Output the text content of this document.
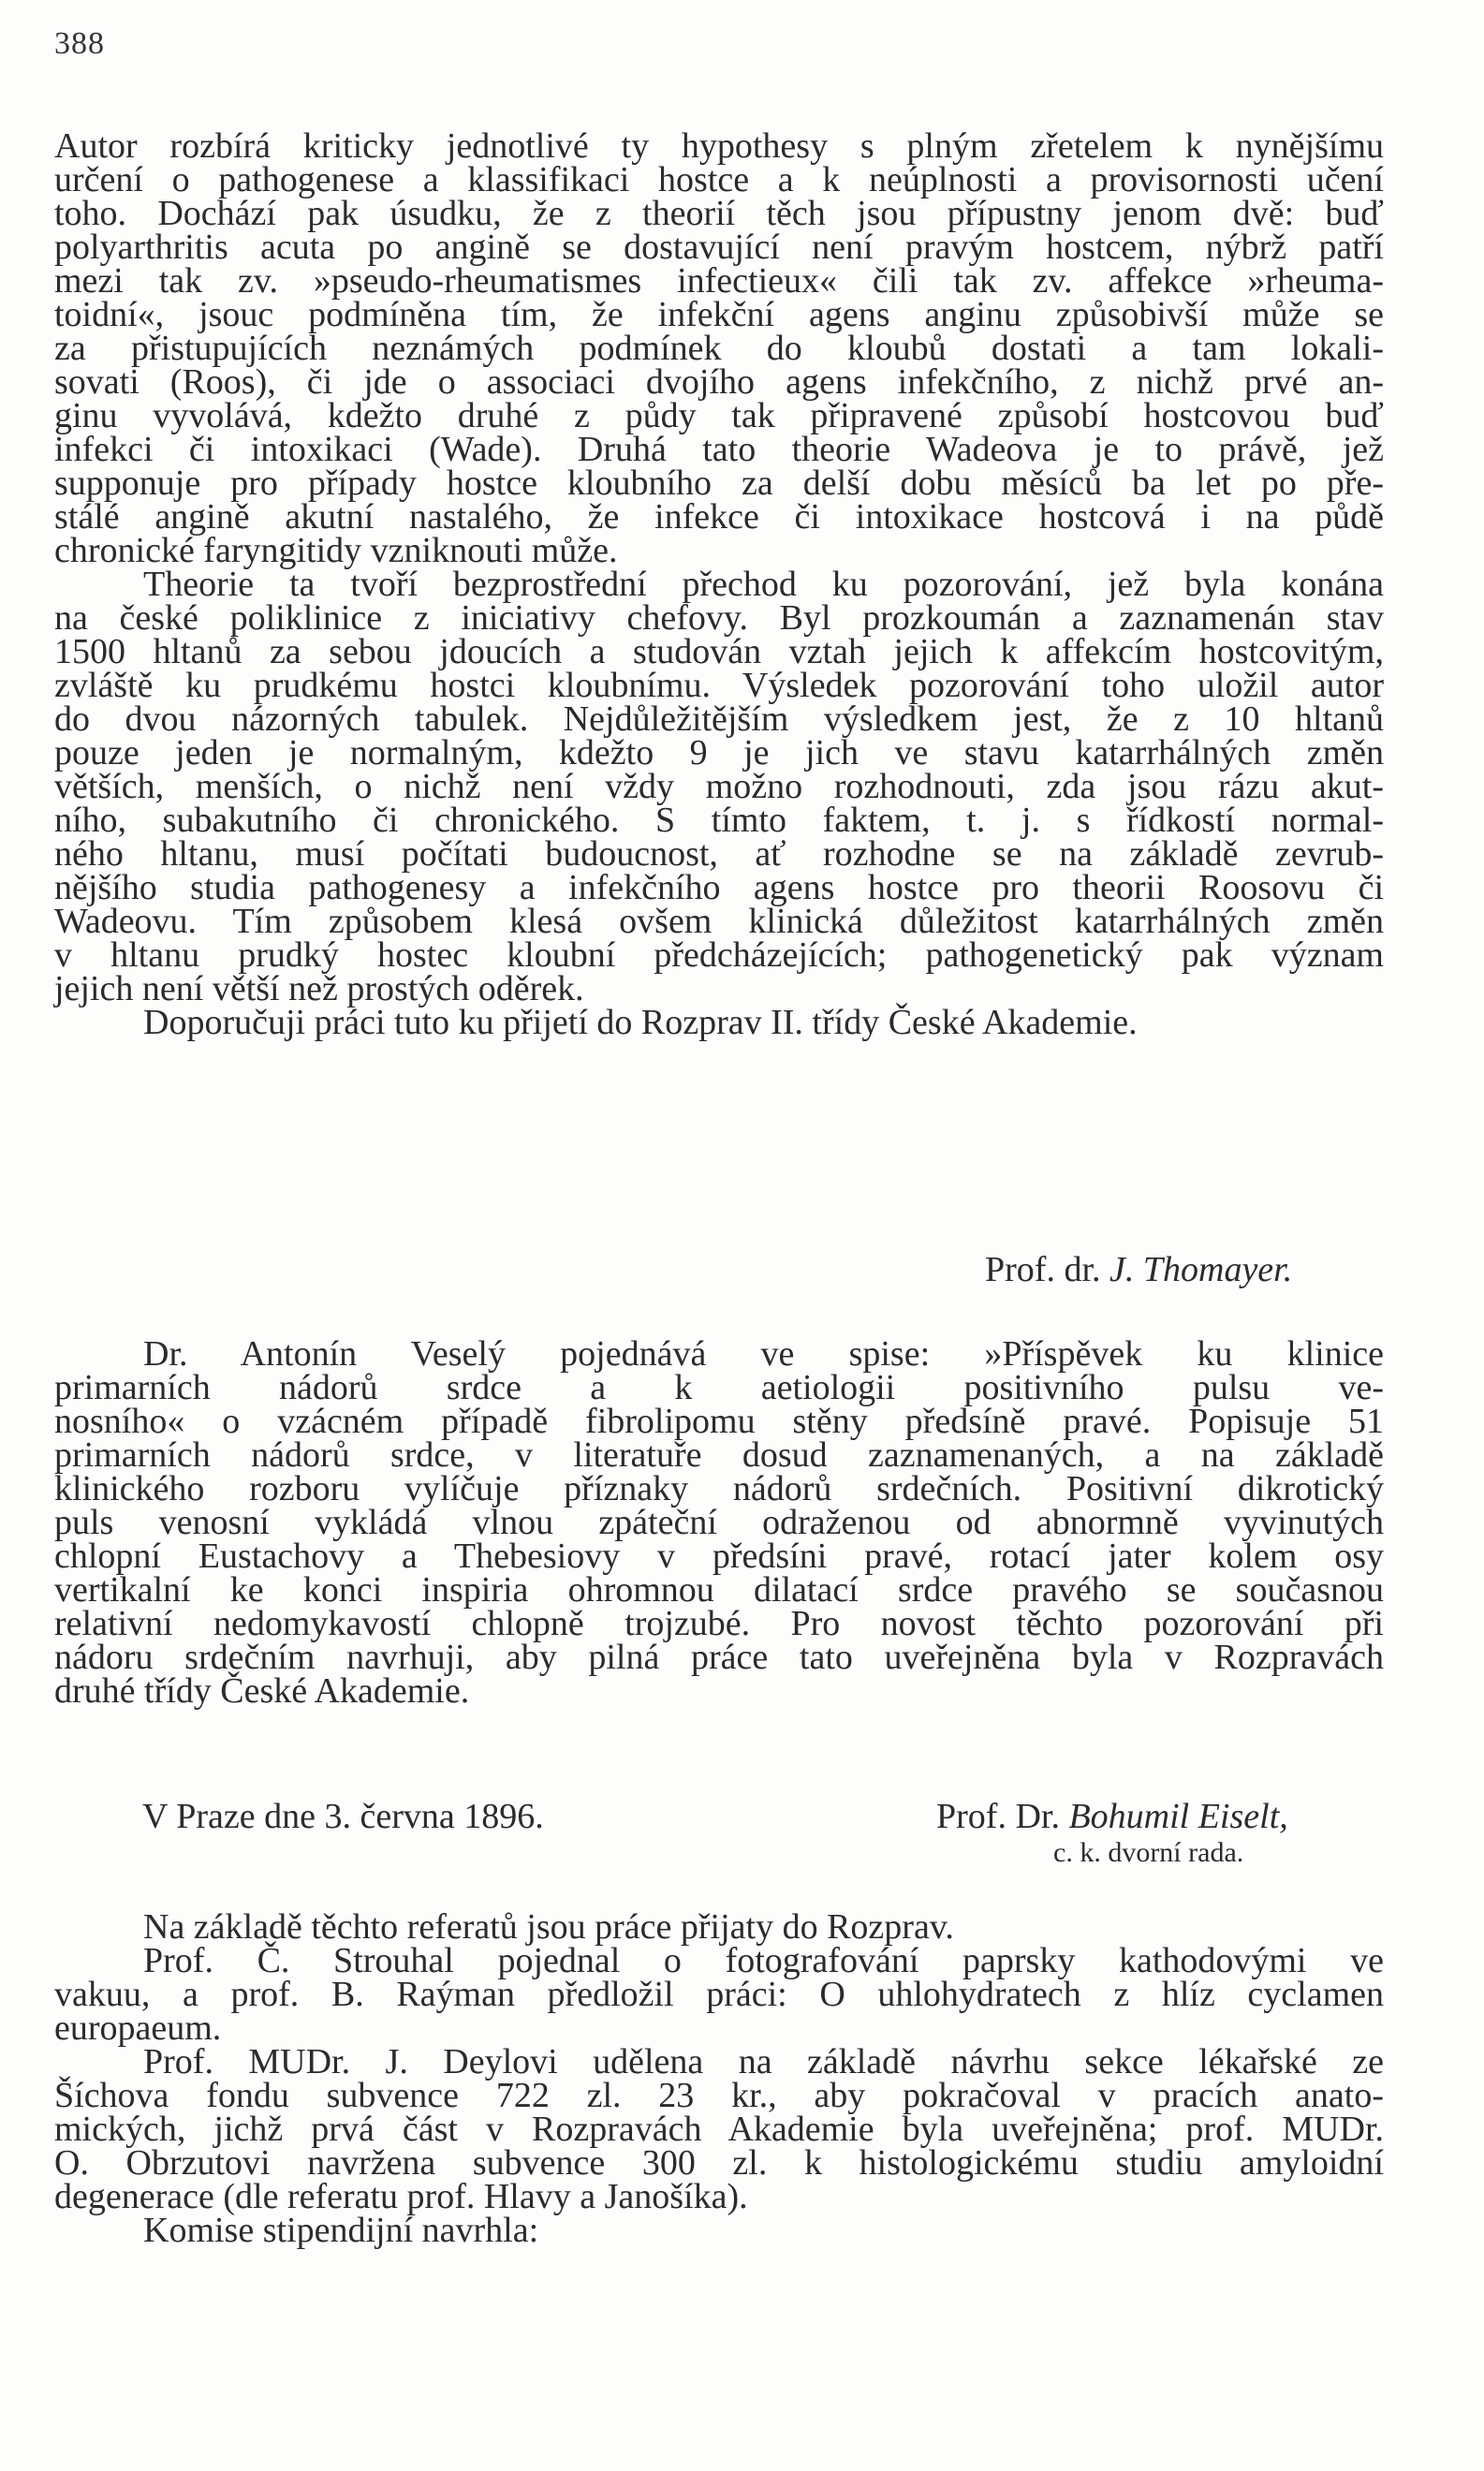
388
Autor rozbírá kriticky jednotlivé ty hypothesy s plným zřetelem k nynějšímu
určení o pathogenese a klassifikaci hostce a k neúplnosti a provisornosti učení
toho. Dochází pak úsudku, že z theorií těch jsou přípustny jenom dvě: buď
polyarthritis acuta po angině se dostavující není pravým hostcem, nýbrž patří
mezi tak zv. »pseudo-rheumatismes infectieux« čili tak zv. affekce »rheuma-
toidní«, jsouc podmíněna tím, že infekční agens anginu způsobivší může se
za přistupujících neznámých podmínek do kloubů dostati a tam lokali-
sovati (Roos), či jde o associaci dvojího agens infekčního, z nichž prvé an-
ginu vyvolává, kdežto druhé z půdy tak připravené způsobí hostcovou buď
infekci či intoxikaci (Wade). Druhá tato theorie Wadeova je to právě, jež
supponuje pro případy hostce kloubního za delší dobu měsíců ba let po pře-
stálé angině akutní nastalého, že infekce či intoxikace hostcová i na půdě
chronické faryngitidy vzniknouti může.
Theorie ta tvoří bezprostřední přechod ku pozorování, jež byla konána
na české poliklinice z iniciativy chefovy. Byl prozkoumán a zaznamenán stav
1500 hltanů za sebou jdoucích a studován vztah jejich k affekcím hostcovitým,
zvláště ku prudkému hostci kloubnímu. Výsledek pozorování toho uložil autor
do dvou názorných tabulek. Nejdůležitějším výsledkem jest, že z 10 hltanů
pouze jeden je normalným, kdežto 9 je jich ve stavu katarrhálných změn
větších, menších, o nichž není vždy možno rozhodnouti, zda jsou rázu akut-
ního, subakutního či chronického. S tímto faktem, t. j. s řídkostí normal-
ného hltanu, musí počítati budoucnost, ať rozhodne se na základě zevrub-
nějšího studia pathogenesy a infekčního agens hostce pro theorii Roosovu či
Wadeovu. Tím způsobem klesá ovšem klinická důležitost katarrhálných změn
v hltanu prudký hostec kloubní předcházejících; pathogenetický pak význam
jejich není větší než prostých oděrek.
Doporučuji práci tuto ku přijetí do Rozprav II. třídy České Akademie.
Prof. dr. J. Thomayer.
Dr. Antonín Veselý pojednává ve spise: »Příspěvek ku klinice
primarních nádorů srdce a k aetiologii positivního pulsu ve-
nosního« o vzácném případě fibrolipomu stěny předsíně pravé. Popisuje 51
primarních nádorů srdce, v literatuře dosud zaznamenaných, a na základě
klinického rozboru vylíčuje příznaky nádorů srdečních. Positivní dikrotický
puls venosní vykládá vlnou zpáteční odraženou od abnormně vyvinutých
chlopní Eustachovy a Thebesiovy v předsíni pravé, rotací jater kolem osy
vertikalní ke konci inspiria ohromnou dilatací srdce pravého se současnou
relativní nedomykavostí chlopně trojzubé. Pro novost těchto pozorování při
nádoru srdečním navrhuji, aby pilná práce tato uveřejněna byla v Rozpravách
druhé třídy České Akademie.
V Praze dne 3. června 1896.	Prof. Dr. Bohumil Eiselt,
c. k. dvorní rada.
Na základě těchto referatů jsou práce přijaty do Rozprav.
Prof. Č. Strouhal pojednal o fotografování paprsky kathodovými ve
vakuu, a prof. B. Raýman předložil práci: O uhlohydratech z hlíz cyclamen
europaeum.
Prof. MUDr. J. Deylovi udělena na základě návrhu sekce lékařské ze
Šíchova fondu subvence 722 zl. 23 kr., aby pokračoval v pracích anato-
mických, jichž prvá část v Rozpravách Akademie byla uveřejněna; prof. MUDr.
O. Obrzutovi navržena subvence 300 zl. k histologickému studiu amyloidní
degenerace (dle referatu prof. Hlavy a Janošíka).
Komise stipendijní navrhla:
